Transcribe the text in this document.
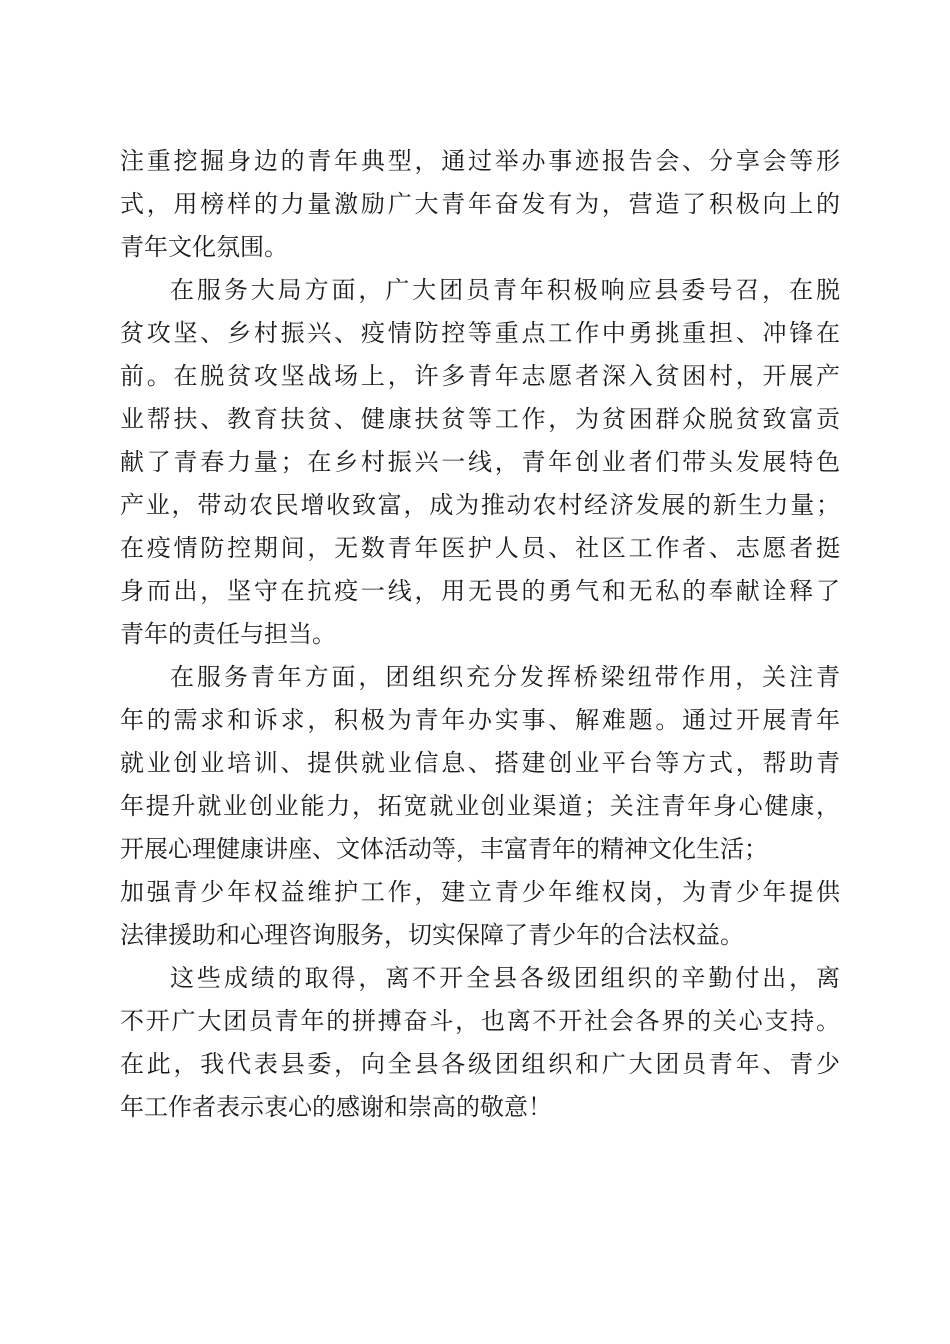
注重挖掘身边的青年典型，通过举办事迹报告会、分享会等形
式，用榜样的力量激励广大青年奋发有为，营造了积极向上的
青年文化氛围。
在服务大局方面，广大团员青年积极响应县委号召，在脱
贫攻坚、乡村振兴、疫情防控等重点工作中勇挑重担、冲锋在
前。在脱贫攻坚战场上，许多青年志愿者深入贫困村，开展产
业帮扶、教育扶贫、健康扶贫等工作，为贫困群众脱贫致富贡
献了青春力量；在乡村振兴一线，青年创业者们带头发展特色
产业，带动农民增收致富，成为推动农村经济发展的新生力量；
在疫情防控期间，无数青年医护人员、社区工作者、志愿者挺
身而出，坚守在抗疫一线，用无畏的勇气和无私的奉献诠释了
青年的责任与担当。
在服务青年方面，团组织充分发挥桥梁纽带作用，关注青
年的需求和诉求，积极为青年办实事、解难题。通过开展青年
就业创业培训、提供就业信息、搭建创业平台等方式，帮助青
年提升就业创业能力，拓宽就业创业渠道；关注青年身心健康，
开展心理健康讲座、文体活动等，丰富青年的精神文化生活；
加强青少年权益维护工作，建立青少年维权岗，为青少年提供
法律援助和心理咨询服务，切实保障了青少年的合法权益。
这些成绩的取得，离不开全县各级团组织的辛勤付出，离
不开广大团员青年的拼搏奋斗，也离不开社会各界的关心支持。
在此，我代表县委，向全县各级团组织和广大团员青年、青少
年工作者表示衷心的感谢和崇高的敬意！
